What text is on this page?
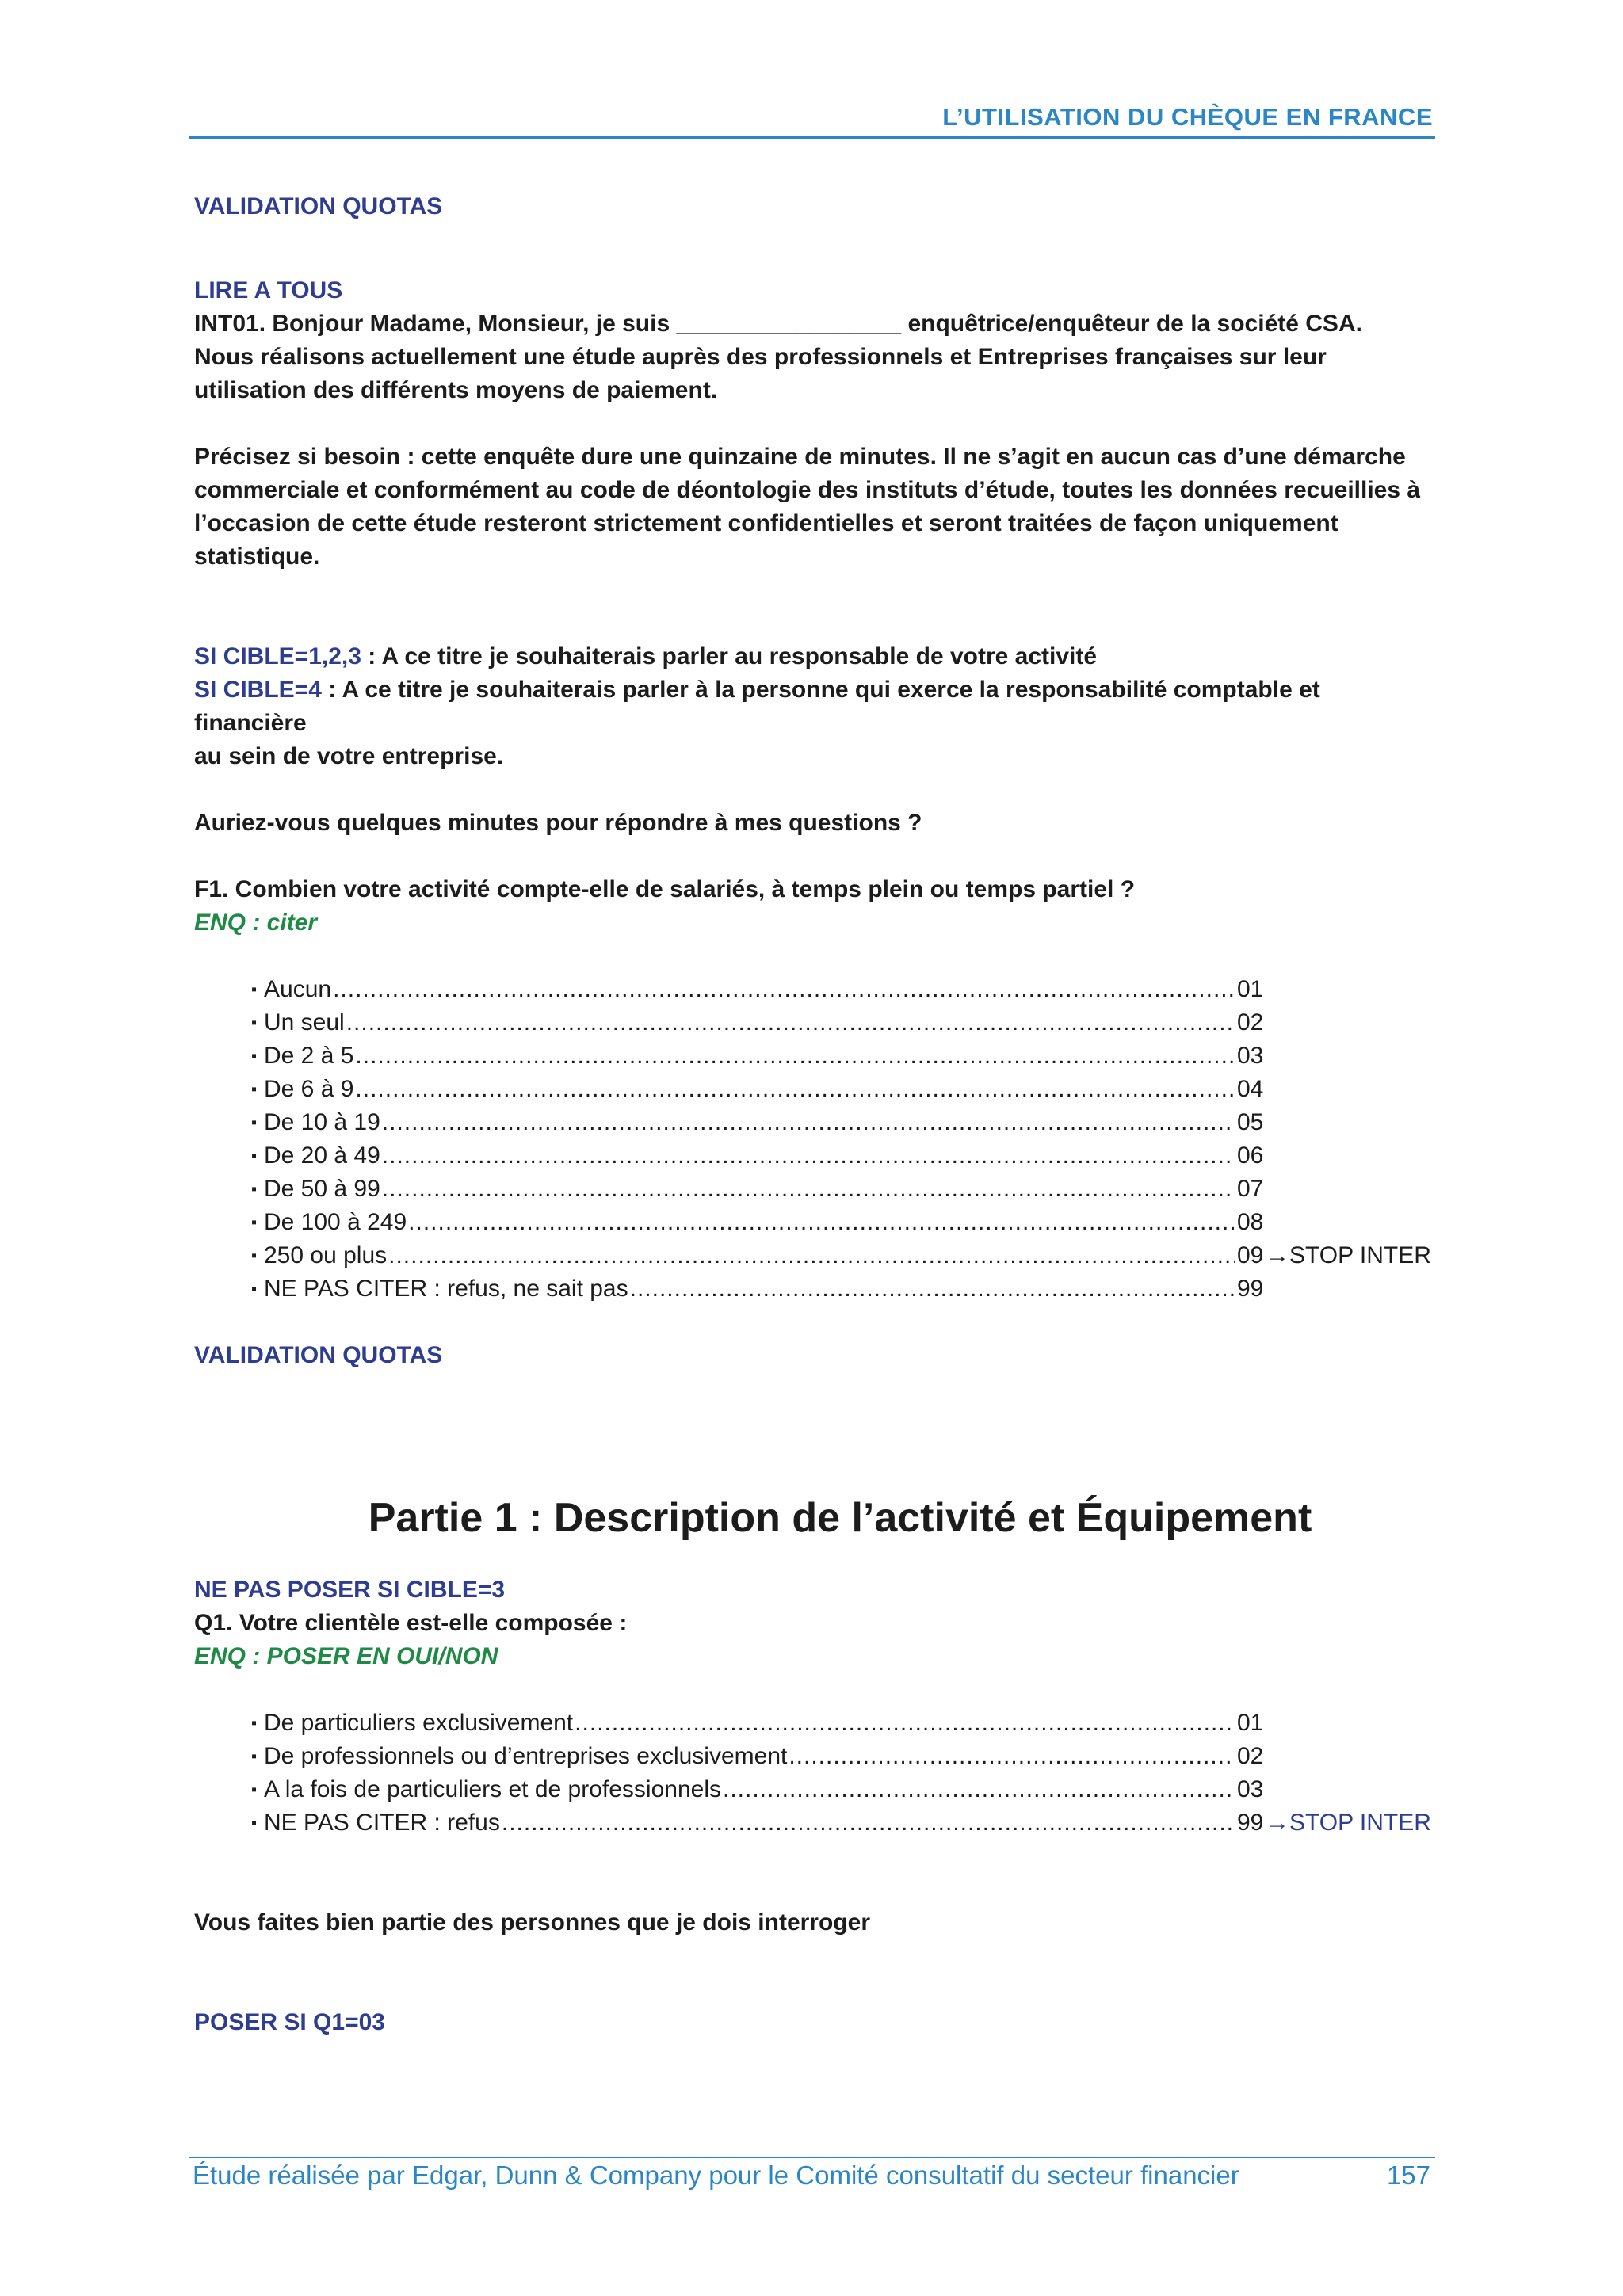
L’UTILISATION DU CHÈQUE EN FRANCE

VALIDATION QUOTAS

LIRE A TOUS

INT01. Bonjour Madame, Monsieur, je suis _________________ enquêtrice/enquêteur de la société CSA.

Nous réalisons actuellement une étude auprès des professionnels et Entreprises françaises sur leur

utilisation des différents moyens de paiement.

Précisez si besoin : cette enquête dure une quinzaine de minutes. Il ne s’agit en aucun cas d’une démarche

commerciale et conformément au code de déontologie des instituts d’étude, toutes les données recueillies à

l’occasion de cette étude resteront strictement confidentielles et seront traitées de façon uniquement

statistique.

SI CIBLE=1,2,3 : A ce titre je souhaiterais parler au responsable de votre activité

SI CIBLE=4 : A ce titre je souhaiterais parler à la personne qui exerce la responsabilité comptable et financière

au sein de votre entreprise.

Auriez-vous quelques minutes pour répondre à mes questions ?

F1. Combien votre activité compte-elle de salariés, à temps plein ou temps partiel ?

ENQ : citer

▪ Aucun .....	01
▪ Un seul .....	02
▪ De 2 à 5 .....	03
▪ De 6 à 9 .....	04
▪ De 10 à 19 .....	05
▪ De 20 à 49 .....	06
▪ De 50 à 99 .....	07
▪ De 100 à 249 .....	08
▪ 250 ou plus .....	09 →STOP INTER
▪ NE PAS CITER : refus, ne sait pas .....	99

VALIDATION QUOTAS

Partie 1 : Description de l’activité et Équipement

NE PAS POSER SI CIBLE=3

Q1. Votre clientèle est-elle composée :

ENQ : POSER EN OUI/NON

▪ De particuliers exclusivement .....	01
▪ De professionnels ou d’entreprises exclusivement .....	02
▪ A la fois de particuliers et de professionnels .....	03
▪ NE PAS CITER : refus .....	99 →STOP INTER

Vous faites bien partie des personnes que je dois interroger

POSER SI Q1=03

Étude réalisée par Edgar, Dunn & Company pour le Comité consultatif du secteur financier	157
